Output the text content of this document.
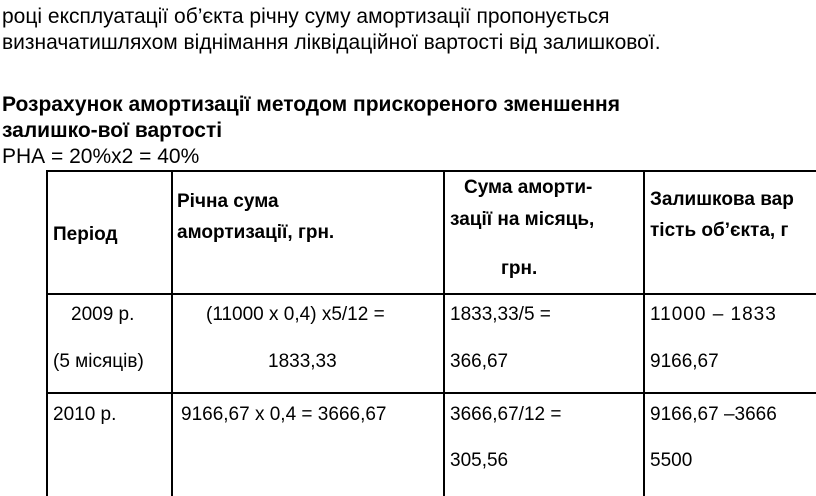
році експлуатації об’єкта річну суму амортизації пропонується
визначатишляхом віднімання ліквідаційної вартості від залишкової.
Розрахунок амортизації методом прискореного зменшення
залишко-вої вартості
РНА = 20%x2 = 40%
Період
Річна сума
амортизації, грн.
Сума аморти-
зації на місяць,
грн.
Залишкова вар
тість об’єкта, г
2009 р.
(5 місяців)
(11000 х 0,4) х5/12 =
1833,33
1833,33/5 =
366,67
11000 – 1833
9166,67
2010 р.	9166,67 х 0,4 = 3666,67	3666,67/12 =
305,56
9166,67 –3666
5500
